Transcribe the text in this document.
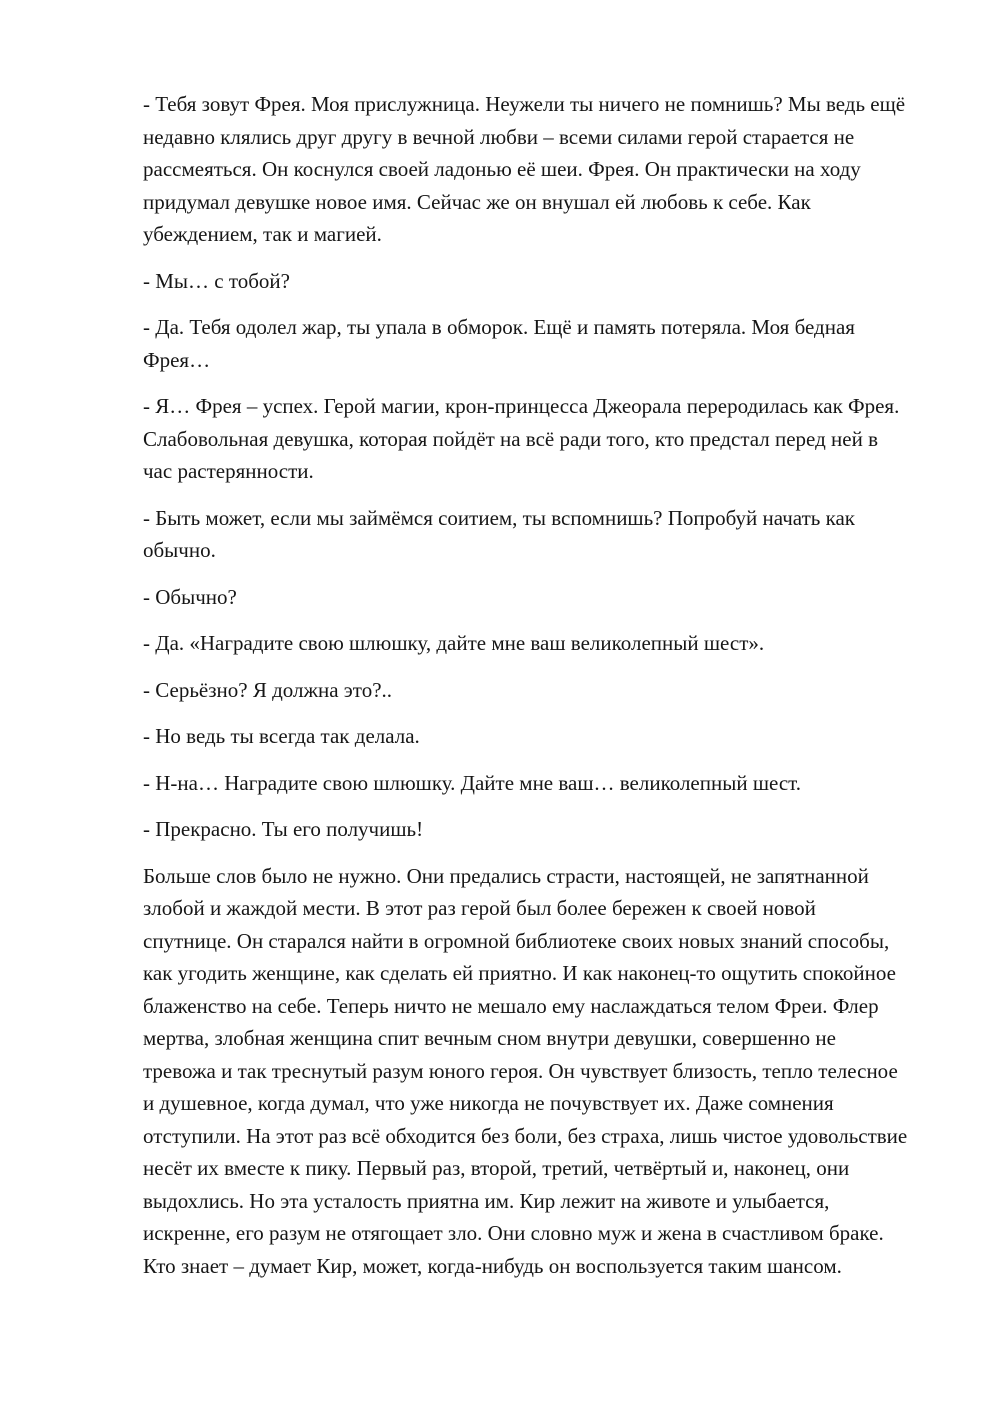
- Тебя зовут Фрея. Моя прислужница. Неужели ты ничего не помнишь? Мы ведь ещё недавно клялись друг другу в вечной любви – всеми силами герой старается не рассмеяться. Он коснулся своей ладонью её шеи. Фрея. Он практически на ходу придумал девушке новое имя. Сейчас же он внушал ей любовь к себе. Как убеждением, так и магией.

- Мы… с тобой?

- Да. Тебя одолел жар, ты упала в обморок. Ещё и память потеряла. Моя бедная Фрея…

- Я… Фрея – успех. Герой магии, крон-принцесса Джеорала переродилась как Фрея. Слабовольная девушка, которая пойдёт на всё ради того, кто предстал перед ней в час растерянности.

- Быть может, если мы займёмся соитием, ты вспомнишь? Попробуй начать как обычно.

- Обычно?

- Да. «Наградите свою шлюшку, дайте мне ваш великолепный шест».

- Серьёзно? Я должна это?..

- Но ведь ты всегда так делала.

- Н-на… Наградите свою шлюшку. Дайте мне ваш… великолепный шест.

- Прекрасно. Ты его получишь!

Больше слов было не нужно. Они предались страсти, настоящей, не запятнанной злобой и жаждой мести. В этот раз герой был более бережен к своей новой спутнице. Он старался найти в огромной библиотеке своих новых знаний способы, как угодить женщине, как сделать ей приятно. И как наконец-то ощутить спокойное блаженство на себе. Теперь ничто не мешало ему наслаждаться телом Фреи. Флер мертва, злобная женщина спит вечным сном внутри девушки, совершенно не тревожа и так треснутый разум юного героя. Он чувствует близость, тепло телесное и душевное, когда думал, что уже никогда не почувствует их. Даже сомнения отступили. На этот раз всё обходится без боли, без страха, лишь чистое удовольствие несёт их вместе к пику. Первый раз, второй, третий, четвёртый и, наконец, они выдохлись. Но эта усталость приятна им. Кир лежит на животе и улыбается, искренне, его разум не отягощает зло. Они словно муж и жена в счастливом браке. Кто знает – думает Кир, может, когда-нибудь он воспользуется таким шансом.
